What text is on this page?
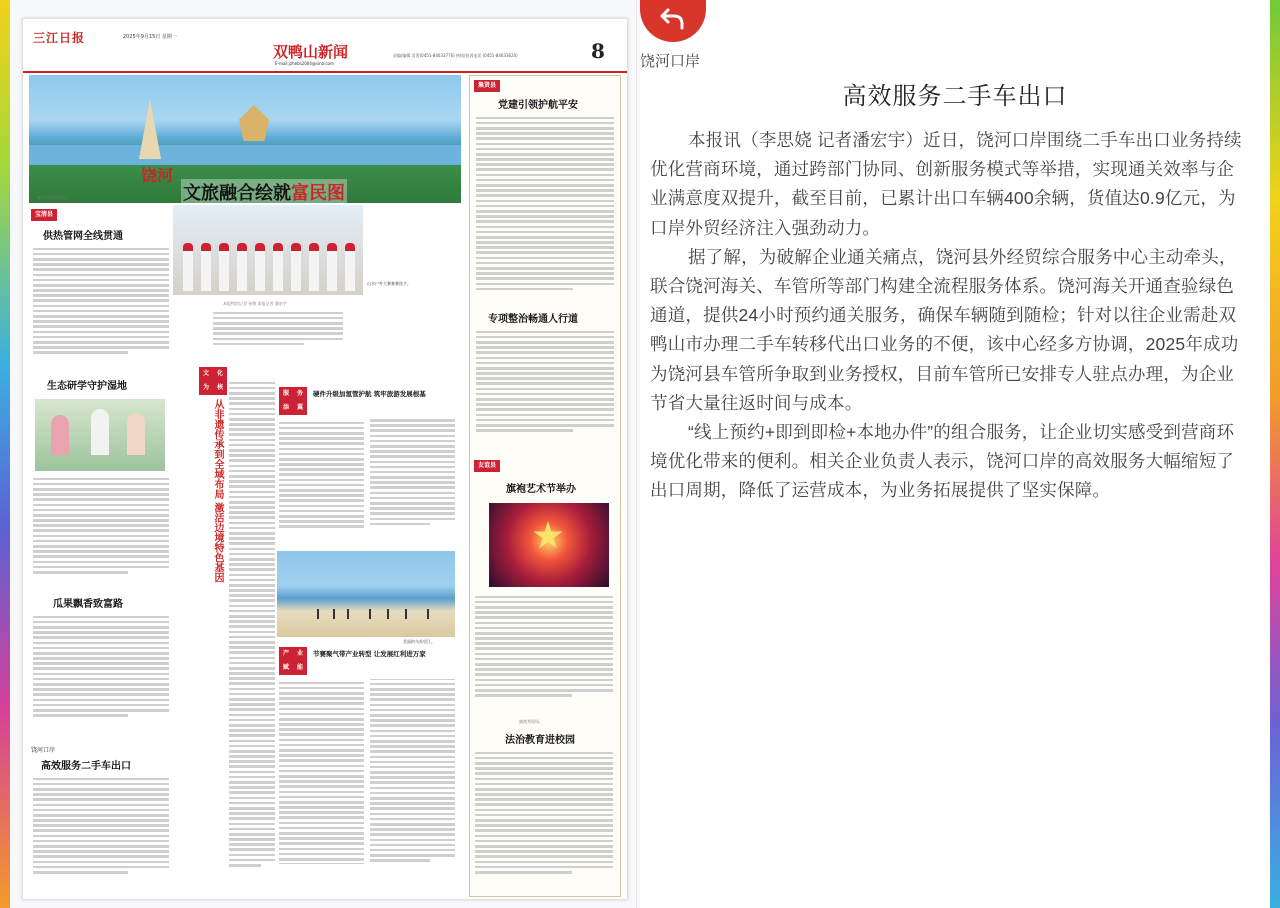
三江日报	2025年9月15日 星期一
双鸭山新闻
E-mail:jzhebs2004@sina.com
责编/编辑 雷菁(0451-84633776) 热线/投诉电话 (0451-84633620)	8
饶河
文旅融合绘就富民图
秦岭风情旅游园区。
山水户外大赛参赛选手。
本报特约记者 孙敬 本报记者 潘宏宇
宝清县
供热管网全线贯通
生态研学守护湿地
瓜果飘香致富路
饶河口岸
高效服务二手车出口
文	化
为	核
从非遗传承到全域布局 激活边境特色基因
服	务
添	翼
硬件升级加氢管护航 筑牢旅游发展根基
美丽的乌苏里江。
产	业
赋	能
节赛聚气带产业转型 让发展红利进万家
集贤县
党建引领护航平安
专项整治畅通人行道
友谊县
旗袍艺术节举办
旗袍秀现场。
法治教育进校园
饶河口岸
高效服务二手车出口

本报讯（李思娆 记者潘宏宇）近日，饶河口岸围绕二手车出口业务持续优化营商环境，通过跨部门协同、创新服务模式等举措，实现通关效率与企业满意度双提升，截至目前，已累计出口车辆400余辆，货值达0.9亿元，为口岸外贸经济注入强劲动力。

据了解，为破解企业通关痛点，饶河县外经贸综合服务中心主动牵头，联合饶河海关、车管所等部门构建全流程服务体系。饶河海关开通查验绿色通道，提供24小时预约通关服务，确保车辆随到随检；针对以往企业需赴双鸭山市办理二手车转移代出口业务的不便，该中心经多方协调，2025年成功为饶河县车管所争取到业务授权，目前车管所已安排专人驻点办理，为企业节省大量往返时间与成本。

“线上预约+即到即检+本地办件”的组合服务，让企业切实感受到营商环境优化带来的便利。相关企业负责人表示，饶河口岸的高效服务大幅缩短了出口周期，降低了运营成本，为业务拓展提供了坚实保障。
